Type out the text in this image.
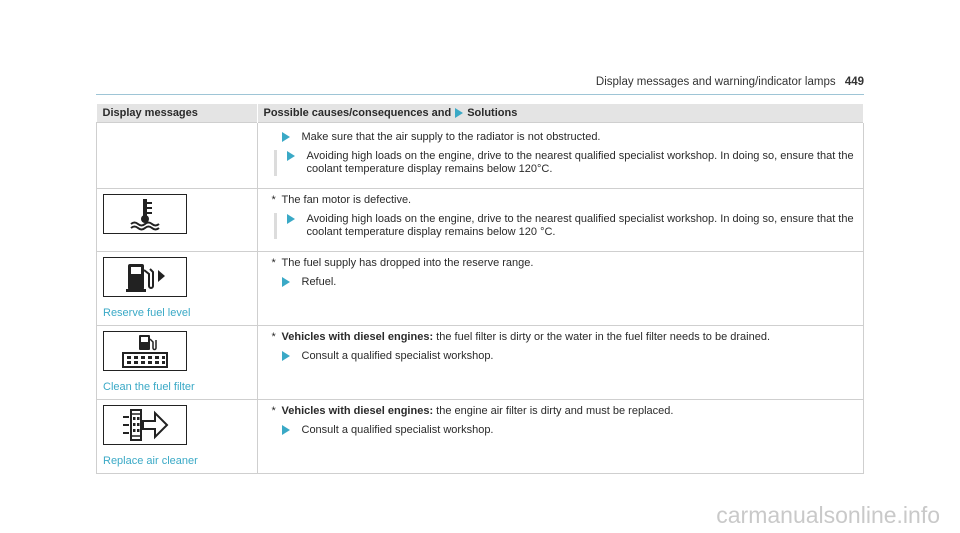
Display messages and warning/indicator lamps 449
Display messages	Possible causes/consequences and Solutions

	Make sure that the air supply to the radiator is not obstructed.
Avoiding high loads on the engine, drive to the nearest qualified specialist workshop. In doing so, ensure that the coolant temperature display remains below 120°C.

* The fan motor is defective.
Avoiding high loads on the engine, drive to the nearest qualified specialist workshop. In doing so, ensure that the coolant temperature display remains below 120 °C.

Reserve fuel level	* The fuel supply has dropped into the reserve range.
Refuel.

Clean the fuel filter	* Vehicles with diesel engines: the fuel filter is dirty or the water in the fuel filter needs to be drained.
Consult a qualified specialist workshop.

Replace air cleaner	* Vehicles with diesel engines: the engine air filter is dirty and must be replaced.
Consult a qualified specialist workshop.
carmanualsonline.info
